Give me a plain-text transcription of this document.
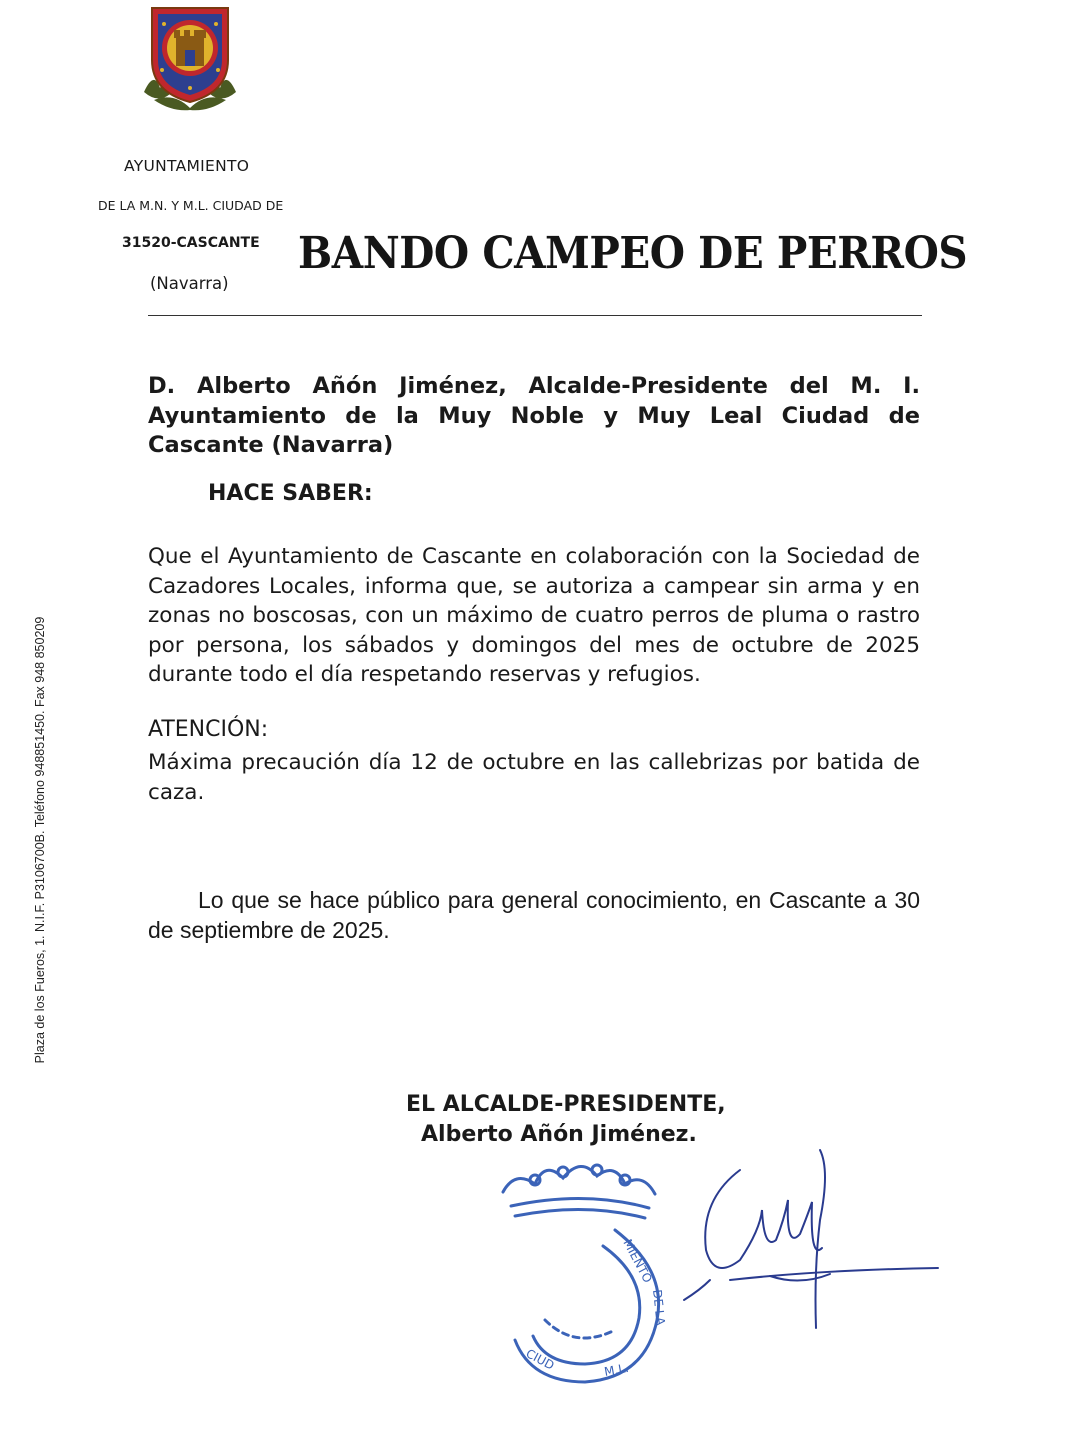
AYUNTAMIENTO
DE LA M.N. Y M.L. CIUDAD DE
31520-CASCANTE
(Navarra)
BANDO CAMPEO DE PERROS
D. Alberto Añón Jiménez, Alcalde-Presidente del M. I. Ayuntamiento de la Muy Noble y Muy Leal Ciudad de Cascante (Navarra)
HACE SABER:
Que el Ayuntamiento de Cascante en colaboración con la Sociedad de Cazadores Locales, informa que, se autoriza a campear sin arma y en zonas no boscosas, con un máximo de cuatro perros de pluma o rastro por persona, los sábados y domingos del mes de octubre de 2025 durante todo el día respetando reservas y refugios.
ATENCIÓN:
Máxima precaución día 12 de octubre en las callebrizas por batida de caza.
Lo que se hace público para general conocimiento, en Cascante a 30 de septiembre de 2025.
EL ALCALDE-PRESIDENTE,
Alberto Añón Jiménez.
MIENTO
DE LA
M.L.
CIUD
Plaza de los Fueros, 1. N.I.F. P3106700B. Teléfono 948851450. Fax 948 850209
